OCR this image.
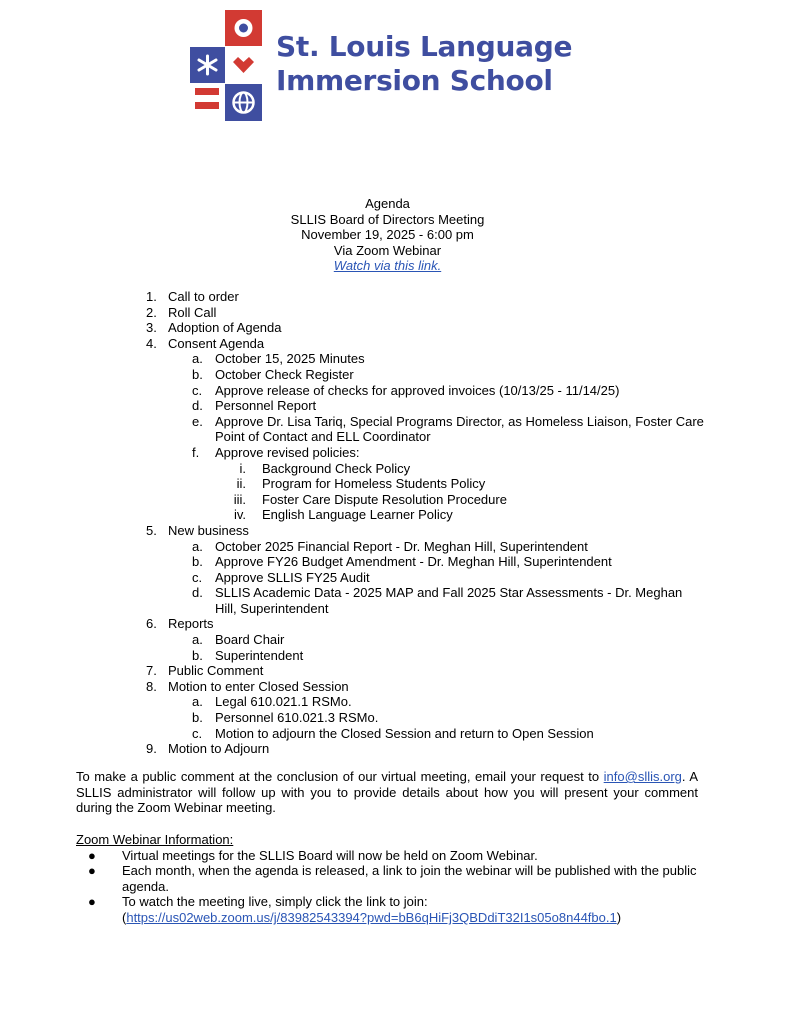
St. Louis Language
Immersion School
Agenda
SLLIS Board of Directors Meeting
November 19, 2025 - 6:00 pm
Via Zoom Webinar
Watch via this link.
1. Call to order
2. Roll Call
3. Adoption of Agenda
4. Consent Agenda
a. October 15, 2025 Minutes
b. October Check Register
c. Approve release of checks for approved invoices (10/13/25 - 11/14/25)
d. Personnel Report
e. Approve Dr. Lisa Tariq, Special Programs Director, as Homeless Liaison, Foster Care Point of Contact and ELL Coordinator
f. Approve revised policies:
i. Background Check Policy
ii. Program for Homeless Students Policy
iii. Foster Care Dispute Resolution Procedure
iv. English Language Learner Policy
5. New business
a. October 2025 Financial Report - Dr. Meghan Hill, Superintendent
b. Approve FY26 Budget Amendment - Dr. Meghan Hill, Superintendent
c. Approve SLLIS FY25 Audit
d. SLLIS Academic Data - 2025 MAP and Fall 2025 Star Assessments - Dr. Meghan Hill, Superintendent
6. Reports
a. Board Chair
b. Superintendent
7. Public Comment
8. Motion to enter Closed Session
a. Legal 610.021.1 RSMo.
b. Personnel 610.021.3 RSMo.
c. Motion to adjourn the Closed Session and return to Open Session
9. Motion to Adjourn
To make a public comment at the conclusion of our virtual meeting, email your request to info@sllis.org. A SLLIS administrator will follow up with you to provide details about how you will present your comment during the Zoom Webinar meeting.
Zoom Webinar Information:
● Virtual meetings for the SLLIS Board will now be held on Zoom Webinar.
● Each month, when the agenda is released, a link to join the webinar will be published with the public agenda.
● To watch the meeting live, simply click the link to join:
(https://us02web.zoom.us/j/83982543394?pwd=bB6qHiFj3QBDdiT32I1s05o8n44fbo.1)
